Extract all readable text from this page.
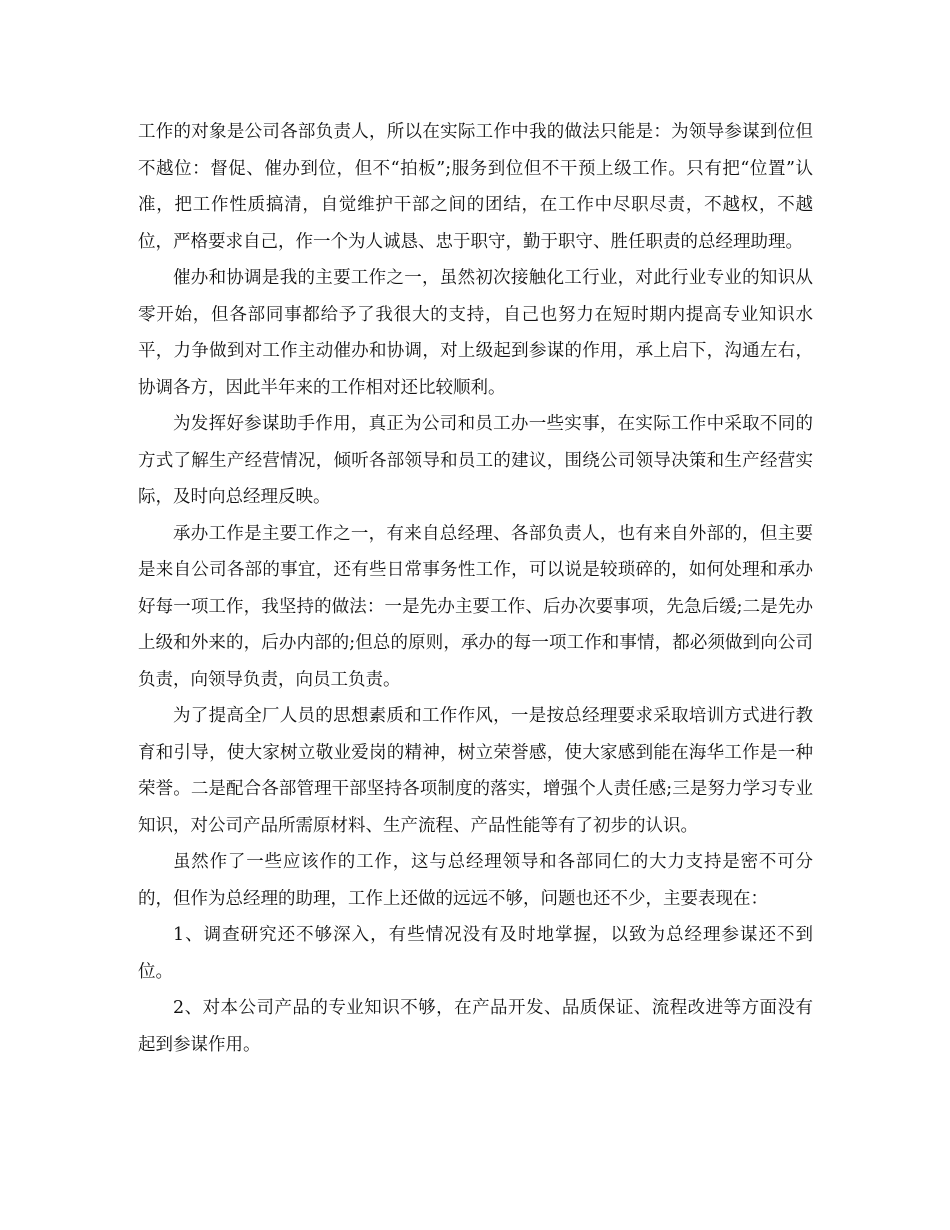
工作的对象是公司各部负责人，所以在实际工作中我的做法只能是：为领导参谋到位但不越位：督促、催办到位，但不“拍板”;服务到位但不干预上级工作。只有把“位置”认准，把工作性质搞清，自觉维护干部之间的团结，在工作中尽职尽责，不越权，不越位，严格要求自己，作一个为人诚恳、忠于职守，勤于职守、胜任职责的总经理助理。

催办和协调是我的主要工作之一，虽然初次接触化工行业，对此行业专业的知识从零开始，但各部同事都给予了我很大的支持，自己也努力在短时期内提高专业知识水平，力争做到对工作主动催办和协调，对上级起到参谋的作用，承上启下，沟通左右，协调各方，因此半年来的工作相对还比较顺利。

为发挥好参谋助手作用，真正为公司和员工办一些实事，在实际工作中采取不同的方式了解生产经营情况，倾听各部领导和员工的建议，围绕公司领导决策和生产经营实际，及时向总经理反映。

承办工作是主要工作之一，有来自总经理、各部负责人，也有来自外部的，但主要是来自公司各部的事宜，还有些日常事务性工作，可以说是较琐碎的，如何处理和承办好每一项工作，我坚持的做法：一是先办主要工作、后办次要事项，先急后缓;二是先办上级和外来的，后办内部的;但总的原则，承办的每一项工作和事情，都必须做到向公司负责，向领导负责，向员工负责。

为了提高全厂人员的思想素质和工作作风，一是按总经理要求采取培训方式进行教育和引导，使大家树立敬业爱岗的精神，树立荣誉感，使大家感到能在海华工作是一种荣誉。二是配合各部管理干部坚持各项制度的落实，增强个人责任感;三是努力学习专业知识，对公司产品所需原材料、生产流程、产品性能等有了初步的认识。

虽然作了一些应该作的工作，这与总经理领导和各部同仁的大力支持是密不可分的，但作为总经理的助理，工作上还做的远远不够，问题也还不少，主要表现在：

1、调查研究还不够深入，有些情况没有及时地掌握，以致为总经理参谋还不到位。

2、对本公司产品的专业知识不够，在产品开发、品质保证、流程改进等方面没有起到参谋作用。
